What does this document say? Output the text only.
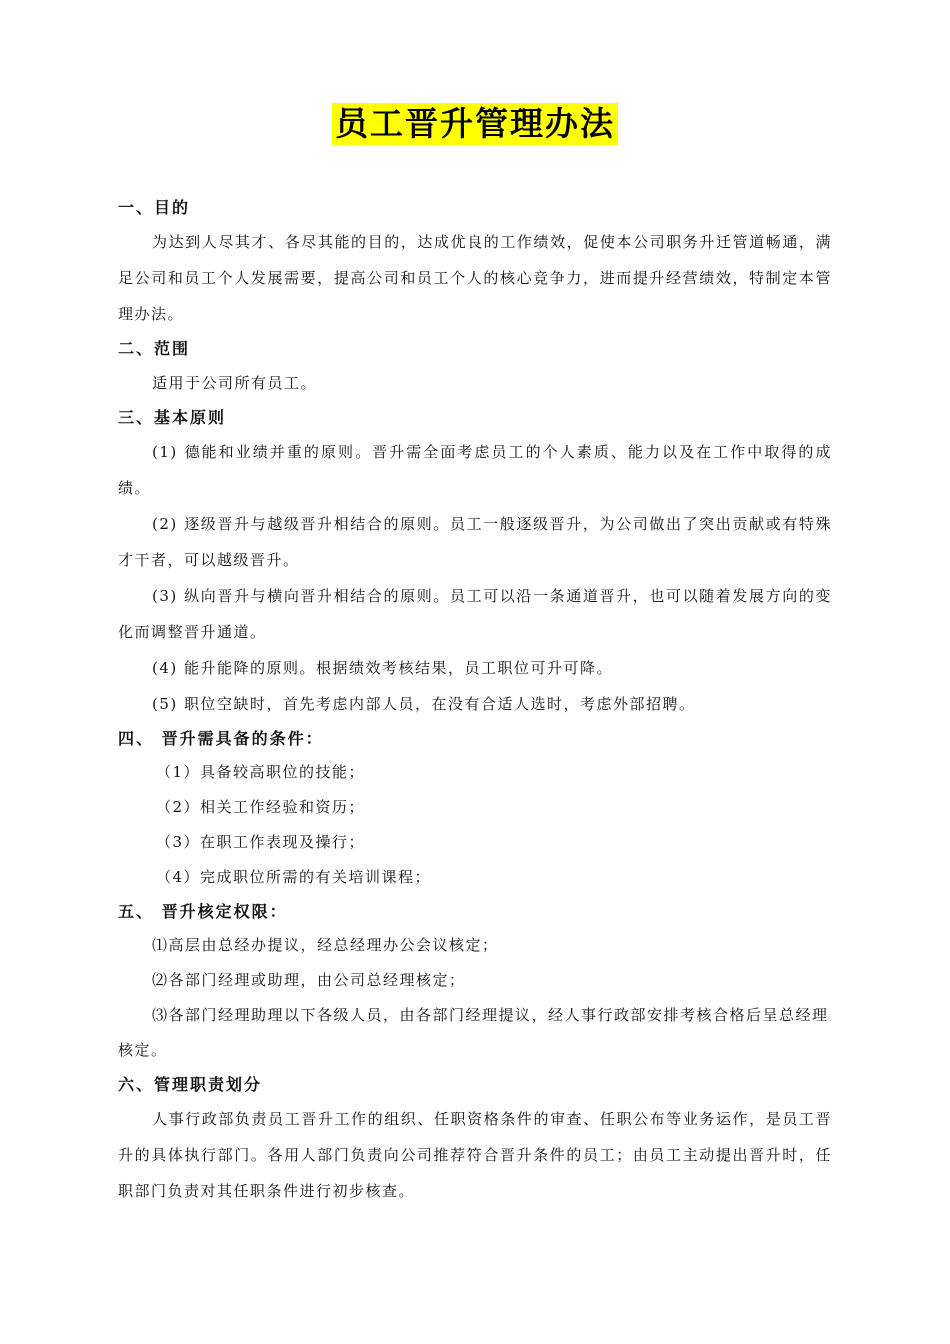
员工晋升管理办法
一、目的

为达到人尽其才、各尽其能的目的，达成优良的工作绩效，促使本公司职务升迁管道畅通，满足公司和员工个人发展需要，提高公司和员工个人的核心竞争力，进而提升经营绩效，特制定本管理办法。

二、范围

适用于公司所有员工。

三、基本原则

(1) 德能和业绩并重的原则。晋升需全面考虑员工的个人素质、能力以及在工作中取得的成绩。

(2) 逐级晋升与越级晋升相结合的原则。员工一般逐级晋升，为公司做出了突出贡献或有特殊才干者，可以越级晋升。

(3) 纵向晋升与横向晋升相结合的原则。员工可以沿一条通道晋升，也可以随着发展方向的变化而调整晋升通道。

(4) 能升能降的原则。根据绩效考核结果，员工职位可升可降。

(5) 职位空缺时，首先考虑内部人员，在没有合适人选时，考虑外部招聘。

四、 晋升需具备的条件：

（1）具备较高职位的技能；

（2）相关工作经验和资历；

（3）在职工作表现及操行；

（4）完成职位所需的有关培训课程；

五、 晋升核定权限：

⑴高层由总经办提议，经总经理办公会议核定；

⑵各部门经理或助理，由公司总经理核定；

⑶各部门经理助理以下各级人员，由各部门经理提议，经人事行政部安排考核合格后呈总经理核定。

六、管理职责划分

人事行政部负责员工晋升工作的组织、任职资格条件的审查、任职公布等业务运作，是员工晋升的具体执行部门。各用人部门负责向公司推荐符合晋升条件的员工；由员工主动提出晋升时，任职部门负责对其任职条件进行初步核查。
